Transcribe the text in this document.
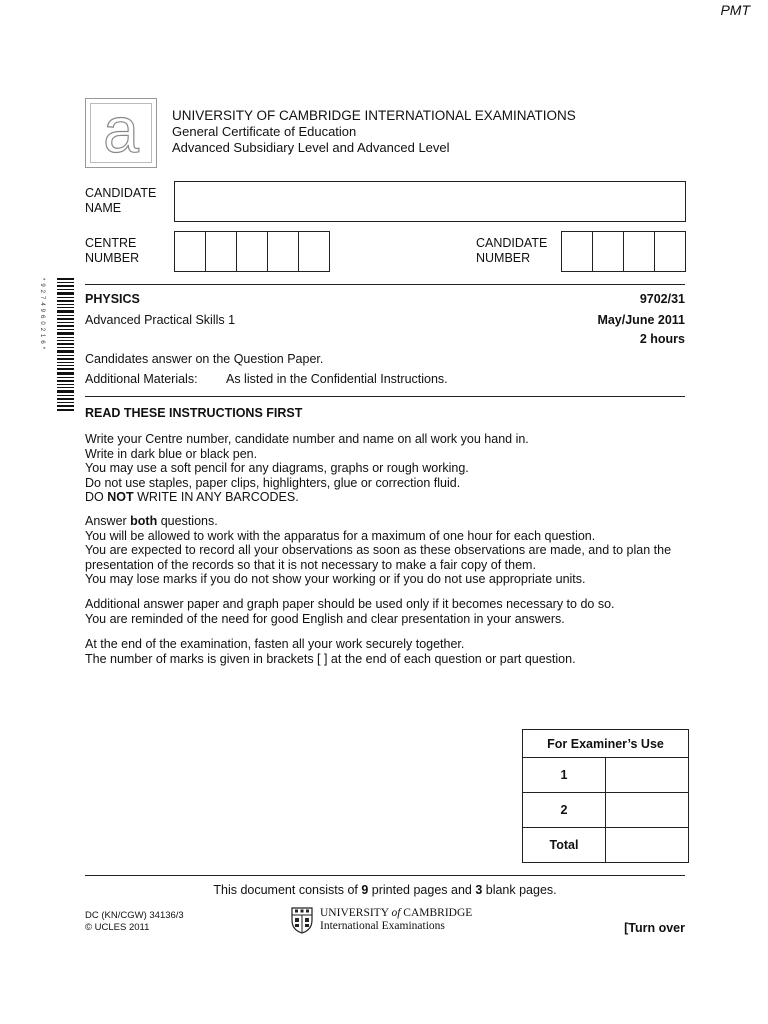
PMT
a	UNIVERSITY OF CAMBRIDGE INTERNATIONAL EXAMINATIONS
General Certificate of Education
Advanced Subsidiary Level and Advanced Level
CANDIDATE
NAME
CENTRE
NUMBER
CANDIDATE
NUMBER
*9274960216*	PHYSICS	9702/31
Advanced Practical Skills 1	May/June 2011
2 hours
Candidates answer on the Question Paper.
Additional Materials: As listed in the Confidential Instructions.
READ THESE INSTRUCTIONS FIRST

Write your Centre number, candidate number and name on all work you hand in.

Write in dark blue or black pen.

You may use a soft pencil for any diagrams, graphs or rough working.

Do not use staples, paper clips, highlighters, glue or correction fluid.

DO NOT WRITE IN ANY BARCODES.

Answer both questions.

You will be allowed to work with the apparatus for a maximum of one hour for each question.

You are expected to record all your observations as soon as these observations are made, and to plan the presentation of the records so that it is not necessary to make a fair copy of them.

You may lose marks if you do not show your working or if you do not use appropriate units.

Additional answer paper and graph paper should be used only if it becomes necessary to do so.

You are reminded of the need for good English and clear presentation in your answers.

At the end of the examination, fasten all your work securely together.

The number of marks is given in brackets [ ] at the end of each question or part question.

For Examiner’s Use	
1	
2	
Total	
This document consists of 9 printed pages and 3 blank pages.
DC (KN/CGW) 34136/3
© UCLES 2011
UNIVERSITY of CAMBRIDGE
International Examinations	[Turn over
